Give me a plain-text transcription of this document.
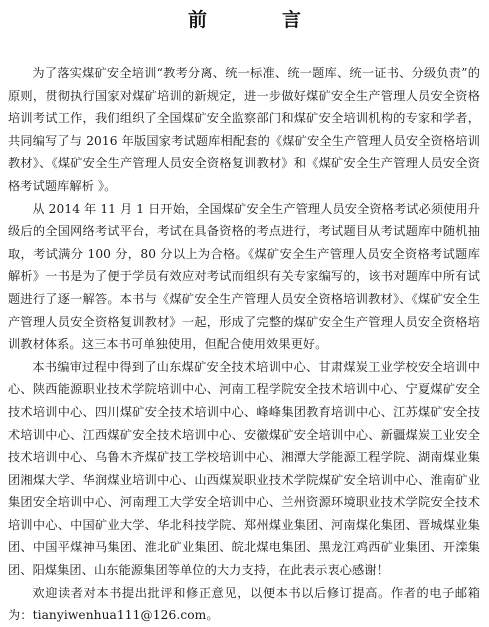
前　言

为了落实煤矿安全培训“教考分离、统一标准、统一题库、统一证书、分级负责”的原则，贯彻执行国家对煤矿培训的新规定，进一步做好煤矿安全生产管理人员安全资格培训考试工作，我们组织了全国煤矿安全监察部门和煤矿安全培训机构的专家和学者，共同编写了与 2016 年版国家考试题库相配套的《煤矿安全生产管理人员安全资格培训教材》、《煤矿安全生产管理人员安全资格复训教材》和《煤矿安全生产管理人员安全资格考试题库解析 》。

从 2014 年 11 月 1 日开始，全国煤矿安全生产管理人员安全资格考试必须使用升级后的全国网络考试平台，考试在具备资格的考点进行，考试题目从考试题库中随机抽取，考试满分 100 分，80 分以上为合格。《煤矿安全生产管理人员安全资格考试题库解析》一书是为了便于学员有效应对考试而组织有关专家编写的，该书对题库中所有试题进行了逐一解答。本书与《煤矿安全生产管理人员安全资格培训教材》、《煤矿安全生产管理人员安全资格复训教材》一起，形成了完整的煤矿安全生产管理人员安全资格培训教材体系。这三本书可单独使用，但配合使用效果更好。

本书编审过程中得到了山东煤矿安全技术培训中心、甘肃煤炭工业学校安全培训中心、陕西能源职业技术学院培训中心、河南工程学院安全技术培训中心、宁夏煤矿安全技术培训中心、四川煤矿安全技术培训中心、峰峰集团教育培训中心、江苏煤矿安全技术培训中心、江西煤矿安全技术培训中心、安徽煤矿安全培训中心、新疆煤炭工业安全技术培训中心、乌鲁木齐煤矿技工学校培训中心、湘潭大学能源工程学院、湖南煤业集团湘煤大学、华润煤业培训中心、山西煤炭职业技术学院煤矿安全培训中心、淮南矿业集团安全培训中心、河南理工大学安全培训中心、兰州资源环境职业技术学院安全技术培训中心、中国矿业大学、华北科技学院、郑州煤业集团、河南煤化集团、晋城煤业集团、中国平煤神马集团、淮北矿业集团、皖北煤电集团、黑龙江鸡西矿业集团、开滦集团、阳煤集团、山东能源集团等单位的大力支持，在此表示衷心感谢！

欢迎读者对本书提出批评和修正意见，以便本书以后修订提高。作者的电子邮箱为：tianyiwenhua111@126.com。
